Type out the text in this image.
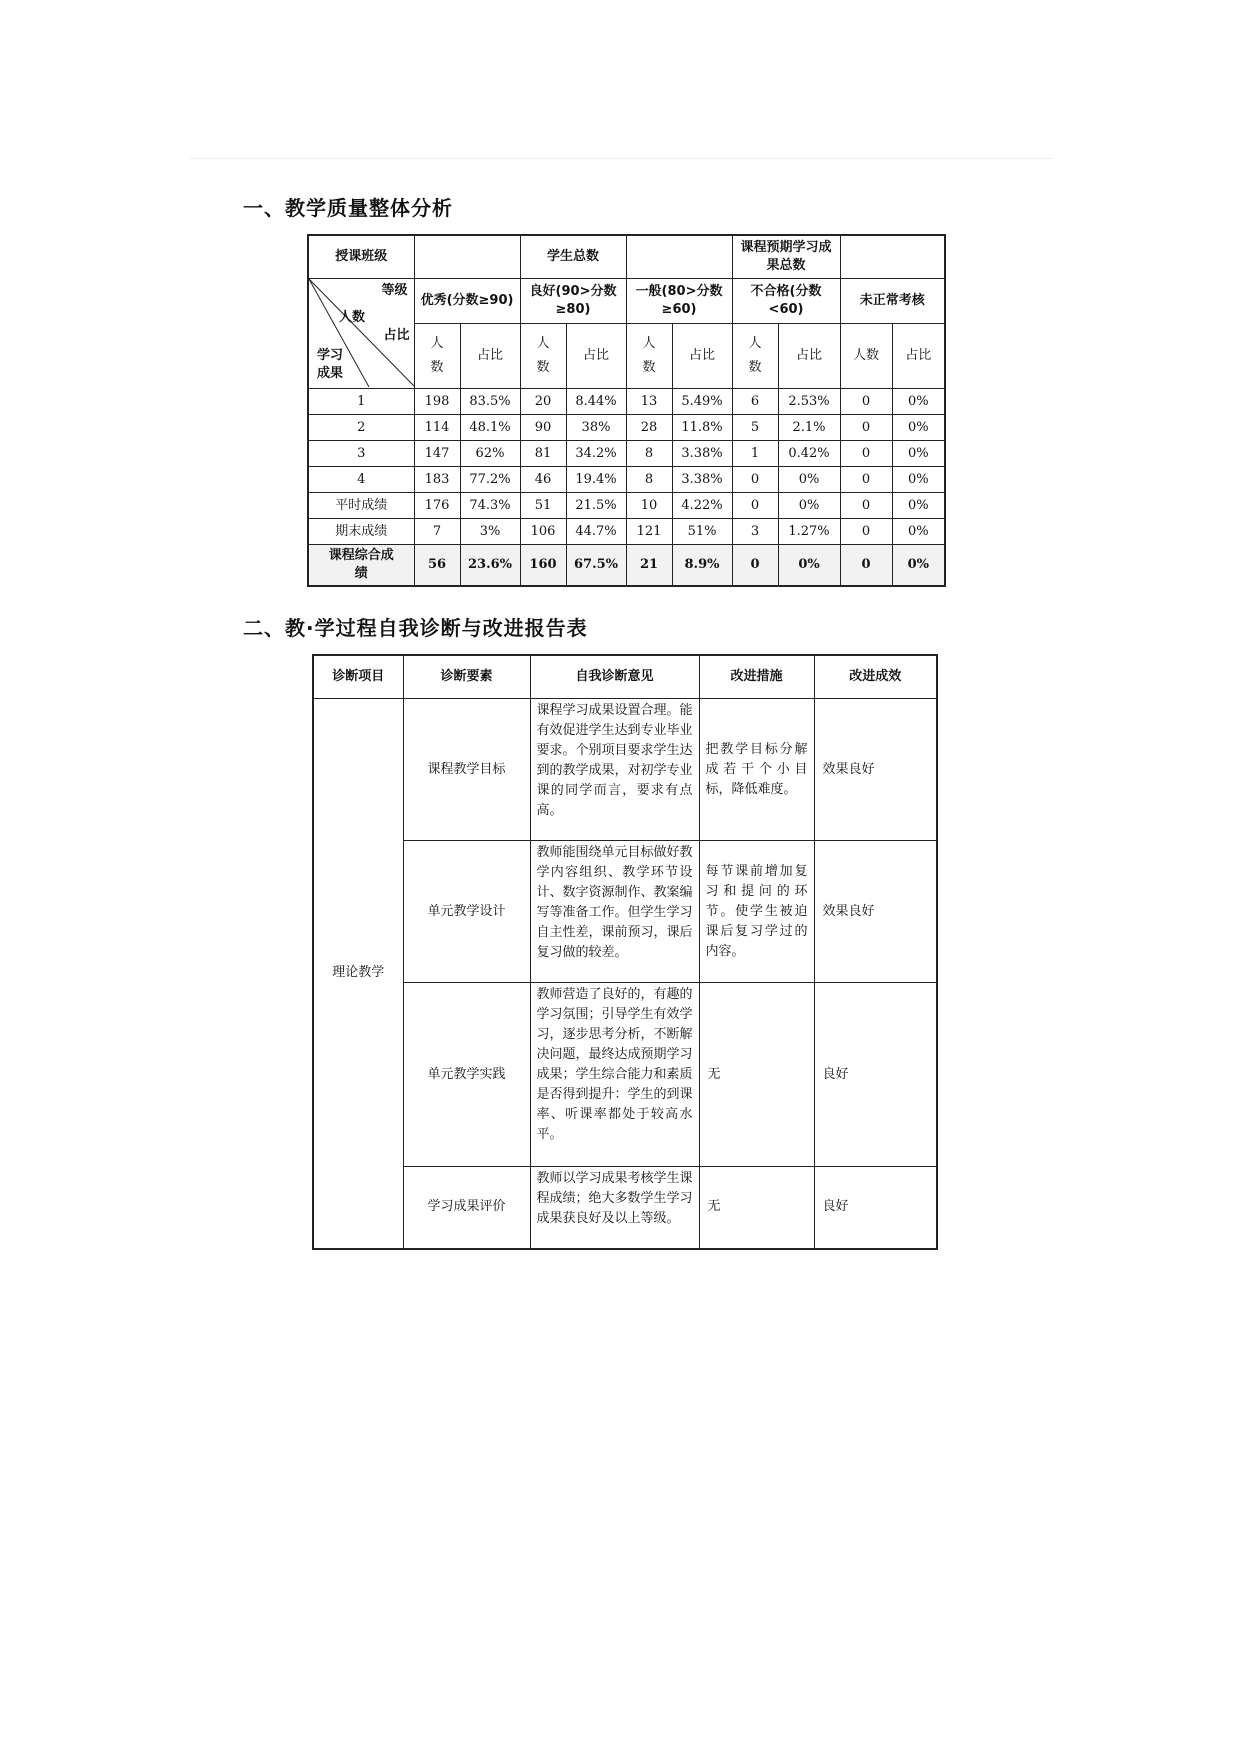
一、教学质量整体分析
授课班级			学生总数				课程预期学习成果总数			

等级
人数
占比
学习成果	优秀(分数≥90)		良好(90>分数≥80)		一般(80>分数≥60)		不合格(分数<60)		未正常考核	
	人数	占比	人数	占比	人数	占比	人数	占比	人数	占比
1	198	83.5%	20	8.44%	13	5.49%	6	2.53%	0	0%
2	114	48.1%	90	38%	28	11.8%	5	2.1%	0	0%
3	147	62%	81	34.2%	8	3.38%	1	0.42%	0	0%
4	183	77.2%	46	19.4%	8	3.38%	0	0%	0	0%
平时成绩	176	74.3%	51	21.5%	10	4.22%	0	0%	0	0%
期末成绩	7	3%	106	44.7%	121	51%	3	1.27%	0	0%
课程综合成绩	56	23.6%	160	67.5%	21	8.9%	0	0%	0	0%
二、教·学过程自我诊断与改进报告表
诊断项目	诊断要素	自我诊断意见	改进措施	改进成效
理论教学	课程教学目标	课程学习成果设置合理。能有效促进学生达到专业毕业要求。个别项目要求学生达到的教学成果，对初学专业课的同学而言，要求有点高。	把教学目标分解成若干个小目标，降低难度。	效果良好
	单元教学设计	教师能围绕单元目标做好教学内容组织、教学环节设计、数字资源制作、教案编写等准备工作。但学生学习自主性差，课前预习，课后复习做的较差。	每节课前增加复习和提问的环节。使学生被迫课后复习学过的内容。	效果良好
	单元教学实践	教师营造了良好的，有趣的学习氛围；引导学生有效学习，逐步思考分析，不断解决问题，最终达成预期学习成果；学生综合能力和素质是否得到提升：学生的到课率、听课率都处于较高水平。	无	良好
	学习成果评价	教师以学习成果考核学生课程成绩；绝大多数学生学习成果获良好及以上等级。	无	良好
